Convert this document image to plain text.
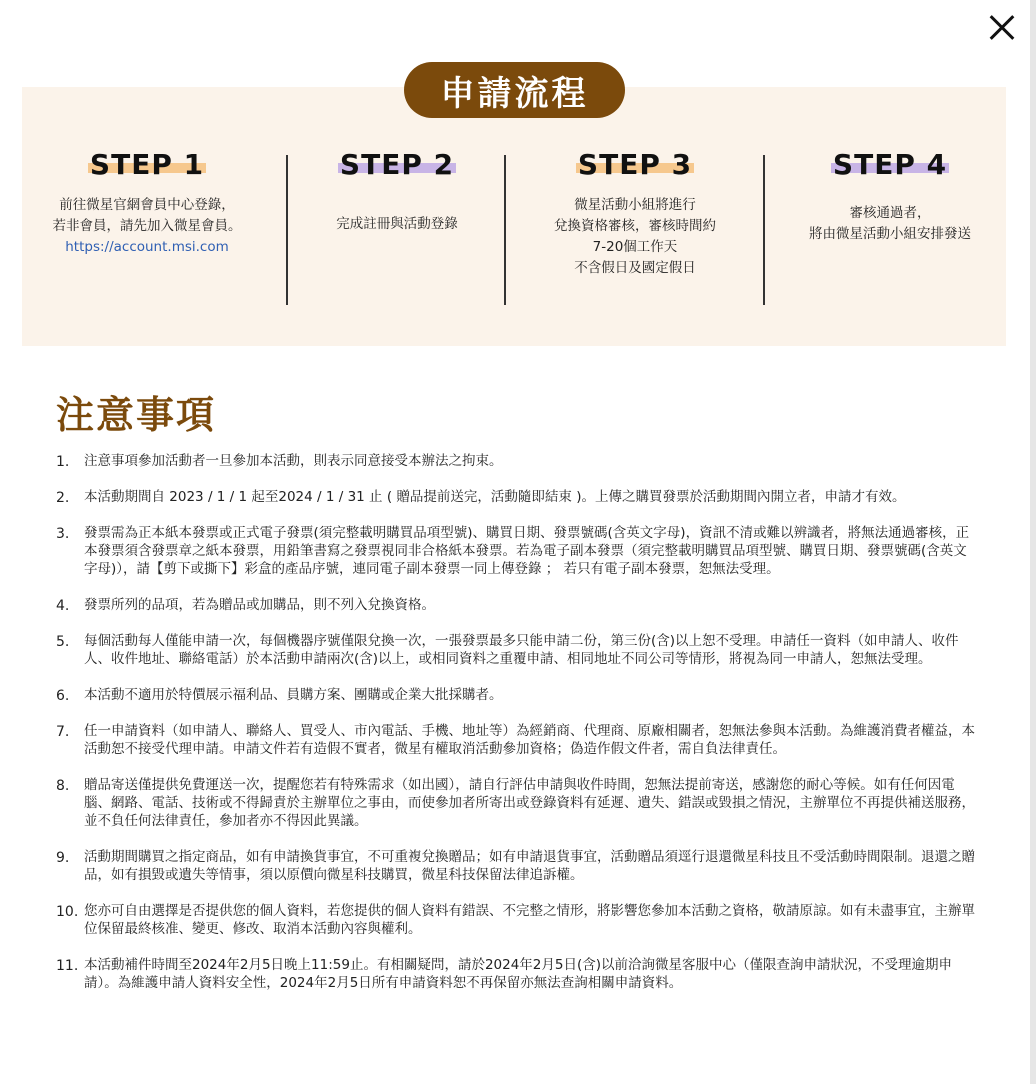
申請流程
STEP 1
前往微星官網會員中心登錄，
若非會員，請先加入微星會員。
https://account.msi.com
STEP 2
完成註冊與活動登錄
STEP 3
微星活動小組將進行
兌換資格審核，審核時間約
7-20個工作天
不含假日及國定假日
STEP 4
審核通過者，
將由微星活動小組安排發送
注意事項
1. 注意事項參加活動者一旦參加本活動，則表示同意接受本辦法之拘束。
2. 本活動期間自 2023 / 1 / 1 起至2024 / 1 / 31 止 ( 贈品提前送完，活動隨即結束 )。上傳之購買發票於活動期間內開立者，申請才有效。
3. 發票需為正本紙本發票或正式電子發票(須完整載明購買品項型號)、購買日期、發票號碼(含英文字母)，資訊不清或難以辨識者，將無法通過審核，正本發票須含發票章之紙本發票，用鉛筆書寫之發票視同非合格紙本發票。若為電子副本發票（須完整載明購買品項型號、購買日期、發票號碼(含英文字母)），請【剪下或撕下】彩盒的產品序號，連同電子副本發票一同上傳登錄 ； 若只有電子副本發票，恕無法受理。
4. 發票所列的品項，若為贈品或加購品，則不列入兌換資格。
5. 每個活動每人僅能申請一次，每個機器序號僅限兌換一次，一張發票最多只能申請二份，第三份(含)以上恕不受理。申請任一資料（如申請人、收件人、收件地址、聯絡電話）於本活動申請兩次(含)以上，或相同資料之重覆申請、相同地址不同公司等情形，將視為同一申請人，恕無法受理。
6. 本活動不適用於特價展示福利品、員購方案、團購或企業大批採購者。
7. 任一申請資料（如申請人、聯絡人、買受人、市內電話、手機、地址等）為經銷商、代理商、原廠相關者，恕無法參與本活動。為維護消費者權益，本活動恕不接受代理申請。申請文件若有造假不實者，微星有權取消活動參加資格；偽造作假文件者，需自負法律責任。
8. 贈品寄送僅提供免費運送一次，提醒您若有特殊需求（如出國），請自行評估申請與收件時間，恕無法提前寄送，感謝您的耐心等候。如有任何因電腦、網路、電話、技術或不得歸責於主辦單位之事由，而使參加者所寄出或登錄資料有延遲、遺失、錯誤或毀損之情況，主辦單位不再提供補送服務，並不負任何法律責任，參加者亦不得因此異議。
9. 活動期間購買之指定商品，如有申請換貨事宜，不可重複兌換贈品；如有申請退貨事宜，活動贈品須逕行退還微星科技且不受活動時間限制。退還之贈品，如有損毀或遺失等情事，須以原價向微星科技購買，微星科技保留法律追訴權。
10. 您亦可自由選擇是否提供您的個人資料，若您提供的個人資料有錯誤、不完整之情形，將影響您參加本活動之資格，敬請原諒。如有未盡事宜，主辦單位保留最終核准、變更、修改、取消本活動內容與權利。
11. 本活動補件時間至2024年2月5日晚上11:59止。有相關疑問，請於2024年2月5日(含)以前洽詢微星客服中心（僅限查詢申請狀況，不受理逾期申請）。為維護申請人資料安全性，2024年2月5日所有申請資料恕不再保留亦無法查詢相關申請資料。
